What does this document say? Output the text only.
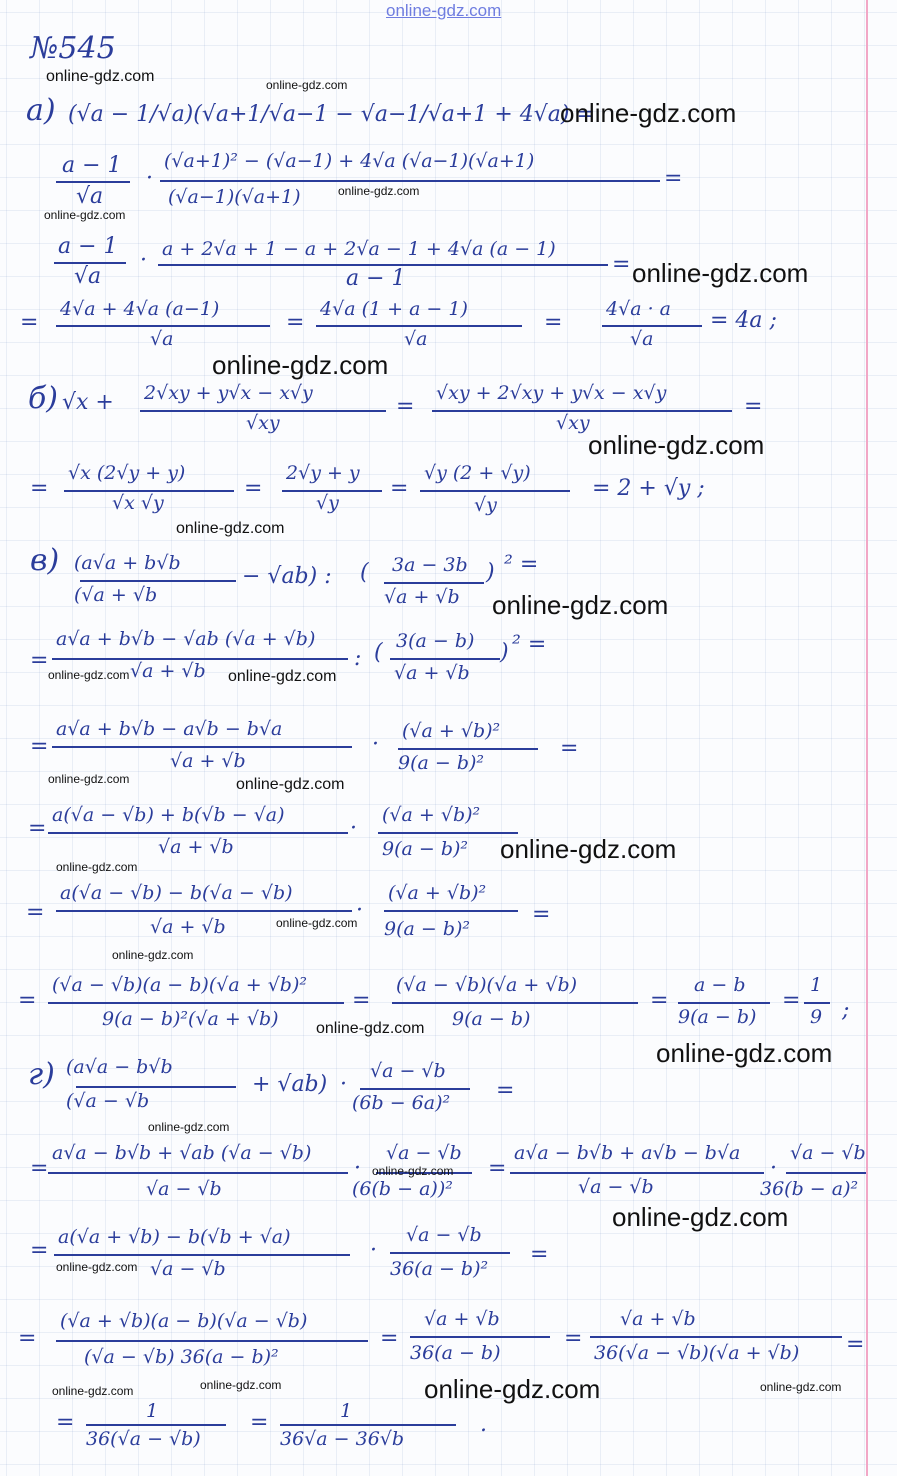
online-gdz.com
№545
а) (√a − 1/√a)(√a+1/√a−1 − √a−1/√a+1 + 4√a) =
a − 1
√a
·
(√a+1)² − (√a−1) + 4√a (√a−1)(√a+1)
(√a−1)(√a+1)
=
a − 1
√a
· a + 2√a + 1 − a + 2√a − 1 + 4√a (a − 1)
a − 1
=
=
4√a + 4√a (a−1)
√a
=
4√a (1 + a − 1)
√a
=
4√a · a
√a
= 4a ;
б) √x + 2√xy + y√x − x√y
√xy
=
√xy + 2√xy + y√x − x√y
√xy
=
=
√x (2√y + y)
√x √y
=
2√y + y
√y
=
√y (2 + √y)
√y
= 2 + √y ;
в) (a√a + b√b
(√a + √b
− √ab) : ( 3a − 3b
√a + √b
) ² =
=
a√a + b√b − √ab (√a + √b)
√a + √b	: ( 3(a − b)
√a + √b
) ² =
=
a√a + b√b − a√b − b√a
√a + √b
·
(√a + √b)²
9(a − b)²
=
=
a(√a − √b) + b(√b − √a)
√a + √b
·
(√a + √b)²
9(a − b)²
=
a(√a − √b) − b(√a − √b)
√a + √b
·
(√a + √b)²
9(a − b)²
=
=
(√a − √b)(a − b)(√a + √b)²
9(a − b)²(√a + √b)
=
(√a − √b)(√a + √b)
9(a − b)
=
a − b
9(a − b)
=
1
9 ;
г) (a√a − b√b
(√a − √b
+ √ab) ·
√a − √b
(6b − 6a)² =
=
a√a − b√b + √ab (√a − √b)
√a − √b
·
√a − √b
(6(b − a))²
=
a√a − b√b + a√b − b√a
√a − √b
·
√a − √b
36(b − a)²
=
a(√a + √b) − b(√b + √a)
√a − √b
·
√a − √b
36(a − b)²
=
=
(√a + √b)(a − b)(√a − √b)
(√a − √b) 36(a − b)²
=
√a + √b
36(a − b)
=
√a + √b
36(√a − √b)(√a + √b) =
=	1
36(√a − √b)
=	1
36√a − 36√b
.
online-gdz.com	online-gdz.com
online-gdz.com
online-gdz.com
online-gdz.com
online-gdz.com
online-gdz.com
online-gdz.com
online-gdz.com
online-gdz.com
online-gdz.com	online-gdz.com
online-gdz.com	online-gdz.com
online-gdz.com
online-gdz.com
online-gdz.com
online-gdz.com
online-gdz.com
online-gdz.com
online-gdz.com
online-gdz.com
online-gdz.com
online-gdz.com
online-gdz.com	online-gdz.com	online-gdz.com	online-gdz.com
